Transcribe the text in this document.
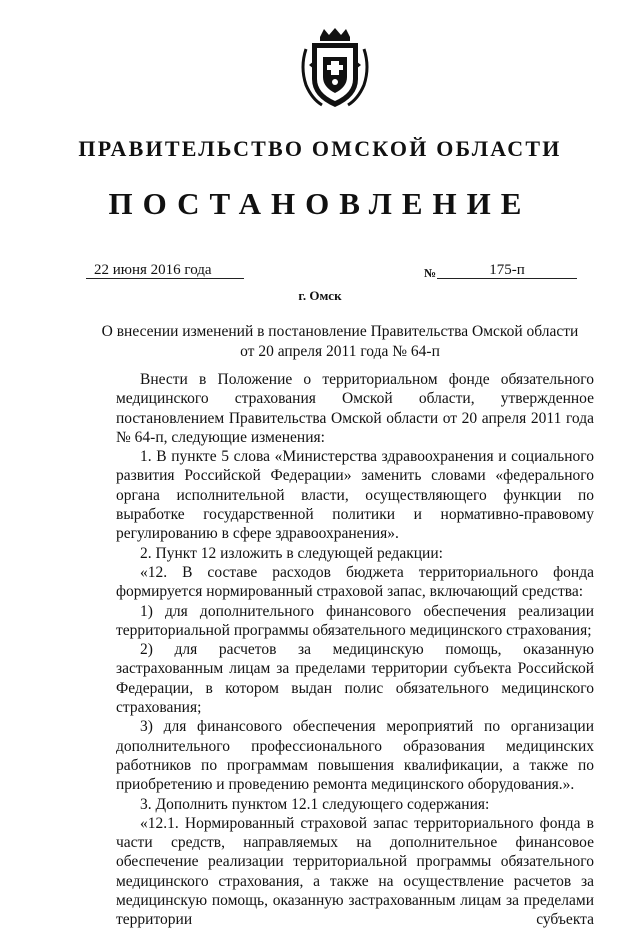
ПРАВИТЕЛЬСТВО ОМСКОЙ ОБЛАСТИ
ПОСТАНОВЛЕНИЕ
22 июня 2016 года	№	175-п
г. Омск
О внесении изменений в постановление Правительства Омской области
от 20 апреля 2011 года № 64-п

Внести в Положение о территориальном фонде обязательного медицинского страхования Омской области, утвержденное постановлением Правительства Омской области от 20 апреля 2011 года № 64-п, следующие изменения:

1. В пункте 5 слова «Министерства здравоохранения и социального развития Российской Федерации» заменить словами «федерального органа исполнительной власти, осуществляющего функции по выработке государственной политики и нормативно-правовому регулированию в сфере здравоохранения».

2. Пункт 12 изложить в следующей редакции:

«12. В составе расходов бюджета территориального фонда формируется нормированный страховой запас, включающий средства:

1) для дополнительного финансового обеспечения реализации территориальной программы обязательного медицинского страхования;

2) для расчетов за медицинскую помощь, оказанную застрахованным лицам за пределами территории субъекта Российской Федерации, в котором выдан полис обязательного медицинского страхования;

3) для финансового обеспечения мероприятий по организации дополнительного профессионального образования медицинских работников по программам повышения квалификации, а также по приобретению и проведению ремонта медицинского оборудования.».

3. Дополнить пунктом 12.1 следующего содержания:

«12.1. Нормированный страховой запас территориального фонда в части средств, направляемых на дополнительное финансовое обеспечение реализации территориальной программы обязательного медицинского страхования, а также на осуществление расчетов за медицинскую помощь, оказанную застрахованным лицам за пределами территории субъекта
